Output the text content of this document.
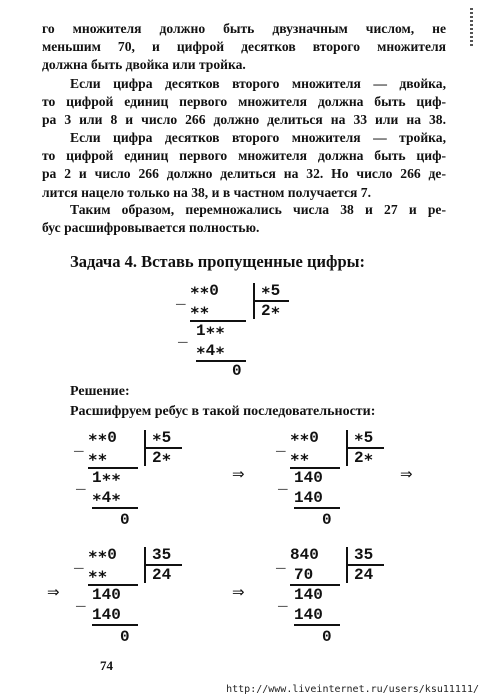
го множителя должно быть двузначным числом, не
меньшим 70, и цифрой десятков второго множителя
должна быть двойка или тройка.
Если цифра десятков второго множителя — двойка,
то цифрой единиц первого множителя должна быть циф-
ра 3 или 8 и число 266 должно делиться на 33 или на 38.
Если цифра десятков второго множителя — тройка,
то цифрой единиц первого множителя должна быть циф-
ра 2 и число 266 должно делиться на 32. Но число 266 де-
лится нацело только на 38, и в частном получается 7.
Таким образом, перемножались числа 38 и 27 и ре-
бус расшифровывается полностью.
Задача 4. Вставь пропущенные цифры:
_ ∗∗0	∗5
∗∗	2∗
_ 1∗∗
∗4∗
0
Решение:
Расшифруем ребус в такой последовательности:
_ ∗∗0 ∗5
∗∗	2∗
_ 1∗∗
∗4∗
0
⇒
_ ∗∗0 ∗5
∗∗	2∗
_ 140
140
0
⇒
⇒
_ ∗∗0 35
∗∗	24
_ 140
140
0
⇒
_ 840 35
70	24
_ 140
140
0
74
http://www.liveinternet.ru/users/ksu11111/
